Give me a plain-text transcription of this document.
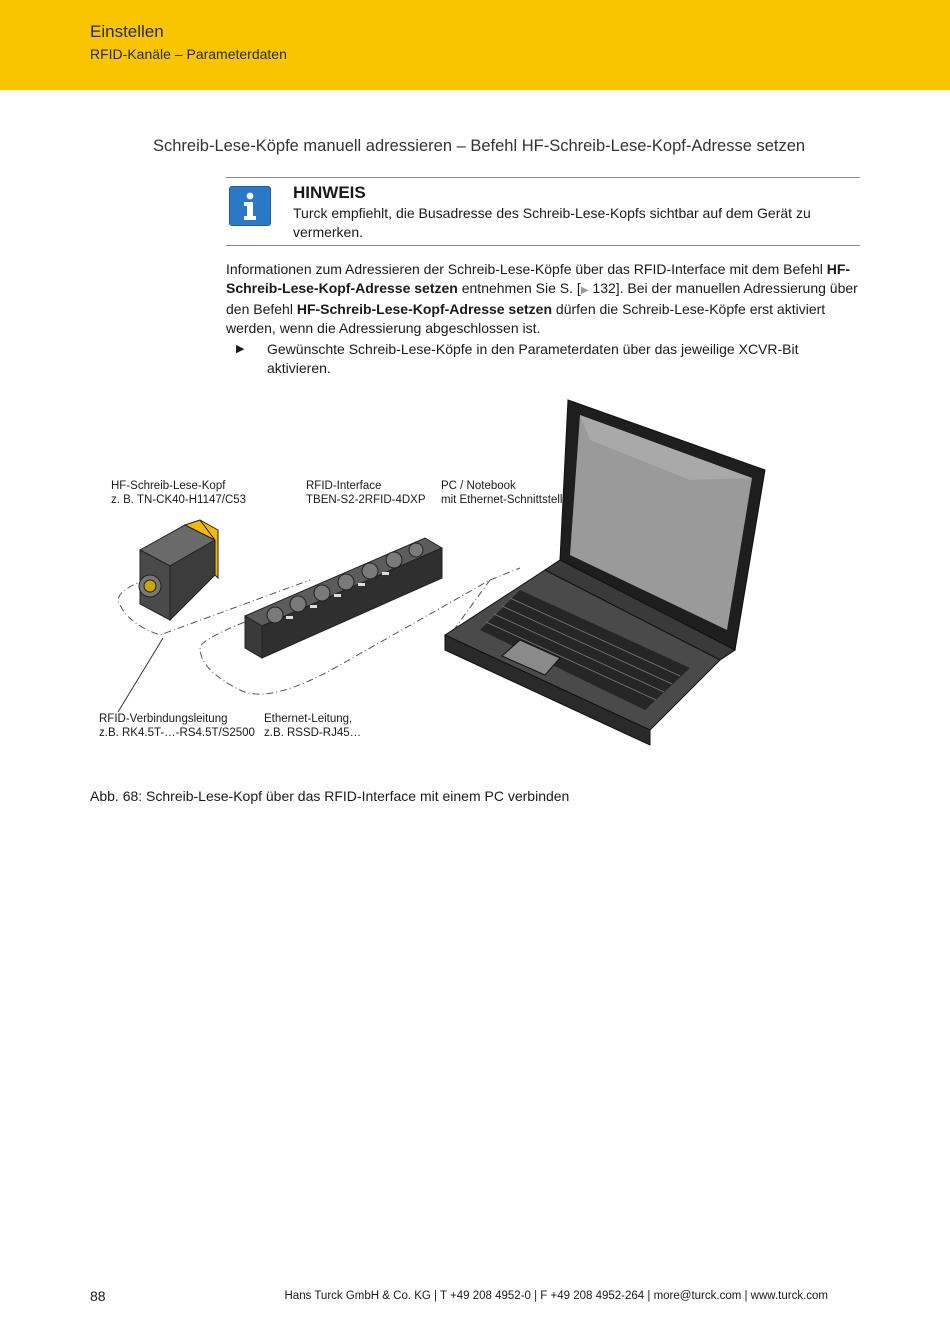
Einstellen
RFID-Kanäle – Parameterdaten
Schreib-Lese-Köpfe manuell adressieren – Befehl HF-Schreib-Lese-Kopf-Adresse setzen
HINWEIS
Turck empfiehlt, die Busadresse des Schreib-Lese-Kopfs sichtbar auf dem Gerät zu vermerken.
Informationen zum Adressieren der Schreib-Lese-Köpfe über das RFID-Interface mit dem Befehl HF-Schreib-Lese-Kopf-Adresse setzen entnehmen Sie S. [▶ 132]. Bei der manuellen Adressierung über den Befehl HF-Schreib-Lese-Kopf-Adresse setzen dürfen die Schreib-Lese-Köpfe erst aktiviert werden, wenn die Adressierung abgeschlossen ist.
▶ Gewünschte Schreib-Lese-Köpfe in den Parameterdaten über das jeweilige XCVR-Bit aktivieren.
HF-Schreib-Lese-Kopf
z. B. TN-CK40-H1147/C53
RFID-Interface
TBEN-S2-2RFID-4DXP
PC / Notebook
mit Ethernet-Schnittstelle
RFID-Verbindungsleitung
z.B. RK4.5T-…-RS4.5T/S2500
Ethernet-Leitung,
z.B. RSSD-RJ45…
Abb. 68: Schreib-Lese-Kopf über das RFID-Interface mit einem PC verbinden
88	Hans Turck GmbH & Co. KG | T +49 208 4952-0 | F +49 208 4952-264 | more@turck.com | www.turck.com
